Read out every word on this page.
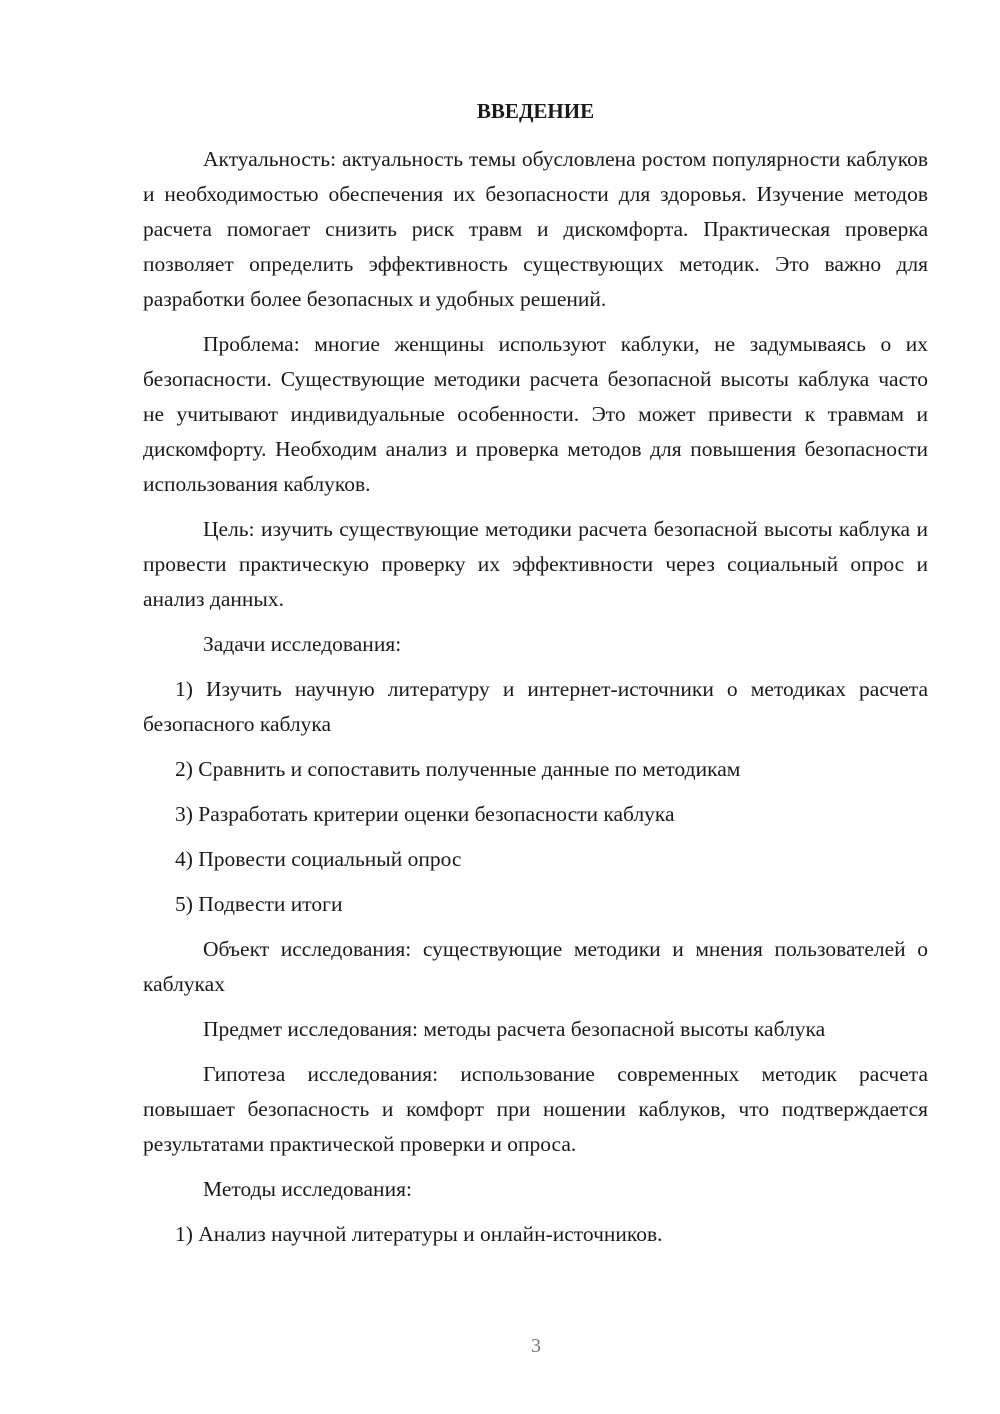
ВВЕДЕНИЕ

Актуальность: актуальность темы обусловлена ростом популярности каблуков и необходимостью обеспечения их безопасности для здоровья. Изучение методов расчета помогает снизить риск травм и дискомфорта. Практическая проверка позволяет определить эффективность существующих методик. Это важно для разработки более безопасных и удобных решений.

Проблема: многие женщины используют каблуки, не задумываясь о их безопасности. Существующие методики расчета безопасной высоты каблука часто не учитывают индивидуальные особенности. Это может привести к травмам и дискомфорту. Необходим анализ и проверка методов для повышения безопасности использования каблуков.

Цель: изучить существующие методики расчета безопасной высоты каблука и провести практическую проверку их эффективности через социальный опрос и анализ данных.

Задачи исследования:

1) Изучить научную литературу и интернет-источники о методиках расчета безопасного каблука

2) Сравнить и сопоставить полученные данные по методикам

3) Разработать критерии оценки безопасности каблука

4) Провести социальный опрос

5) Подвести итоги

Объект исследования: существующие методики и мнения пользователей о каблуках

Предмет исследования: методы расчета безопасной высоты каблука

Гипотеза исследования: использование современных методик расчета повышает безопасность и комфорт при ношении каблуков, что подтверждается результатами практической проверки и опроса.

Методы исследования:

1) Анализ научной литературы и онлайн-источников.

3
